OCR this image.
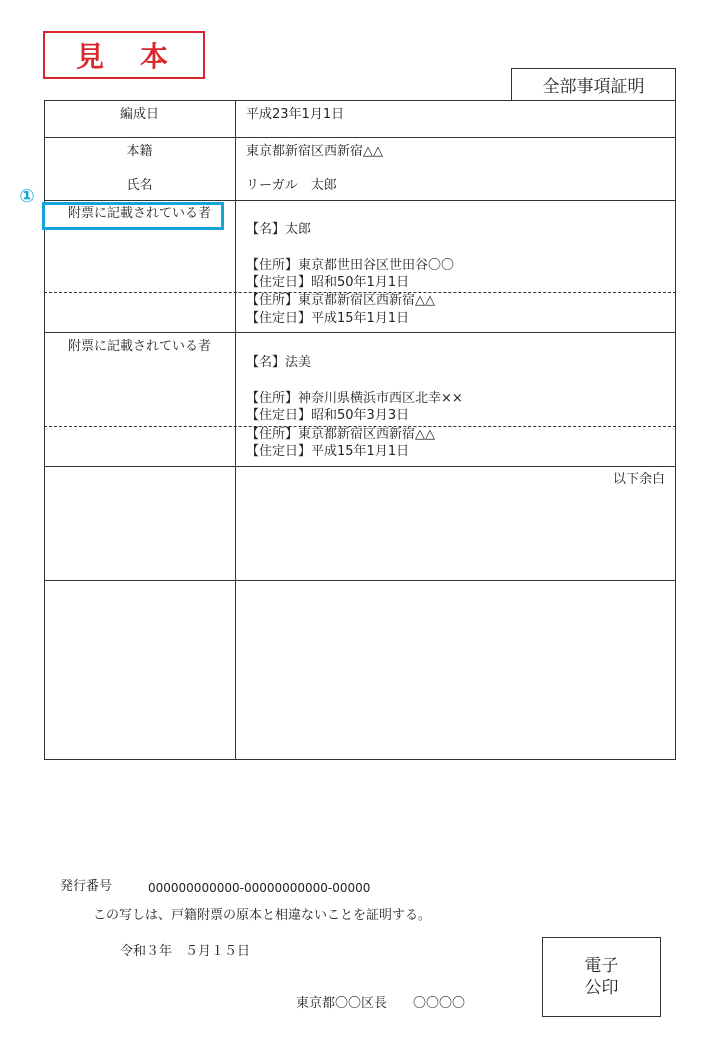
見　本
全部事項証明
編成日	平成23年1月1日
本籍	東京都新宿区西新宿△△
氏名	リーガル　太郎
①
附票に記載されている者
【名】太郎
【住所】東京都世田谷区世田谷〇〇
【住定日】昭和50年1月1日
【住所】東京都新宿区西新宿△△
【住定日】平成15年1月1日
附票に記載されている者
【名】法美
【住所】神奈川県横浜市西区北幸××
【住定日】昭和50年3月3日
【住所】東京都新宿区西新宿△△
【住定日】平成15年1月1日
以下余白
発行番号	000000000000-00000000000-00000
この写しは、戸籍附票の原本と相違ないことを証明する。
令和３年　５月１５日
東京都〇〇区長　　〇〇〇〇
電子
公印
